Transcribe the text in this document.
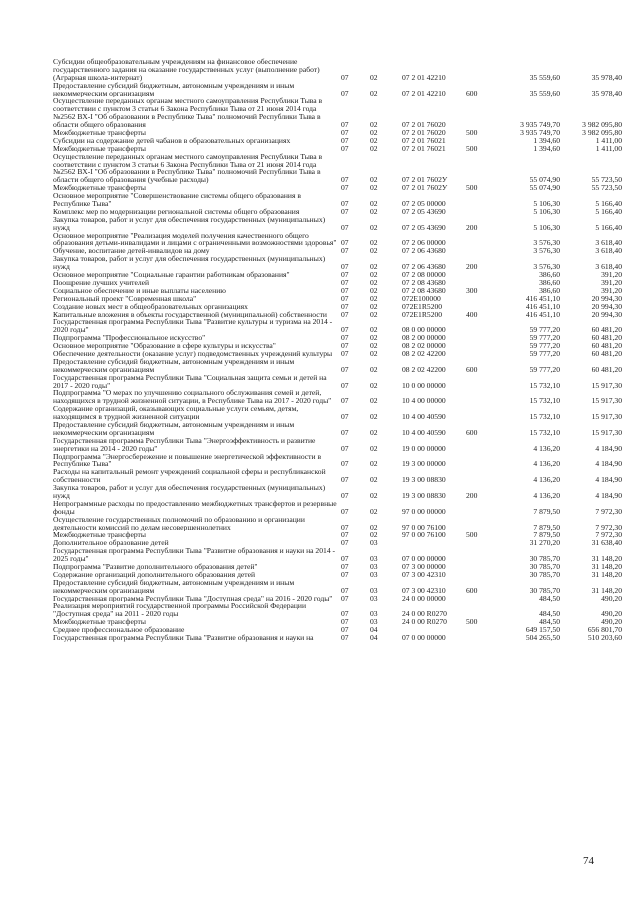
Субсидии общеобразовательным учреждениям на финансовое обеспечение государственного задания на оказание государственных услуг (выполнение работ) (Аграрная школа-интернат)	07	02	07 2 01 42210		35 559,60	35 978,40
Предоставление субсидий бюджетным, автономным учреждениям и иным некоммерческим организациям	07	02	07 2 01 42210	600	35 559,60	35 978,40
Осуществление переданных органам местного самоуправления Республики Тыва в соответствии с пунктом 3 статьи 6 Закона Республики Тыва от 21 июня 2014 года №2562 ВХ-I "Об образовании в Республике Тыва" полномочий Республики Тыва в области общего образования	07	02	07 2 01 76020		3 935 749,70	3 982 095,80
Межбюджетные трансферты	07	02	07 2 01 76020	500	3 935 749,70	3 982 095,80
Субсидии на содержание детей чабанов в образовательных организациях	07	02	07 2 01 76021		1 394,60	1 411,00
Межбюджетные трансферты	07	02	07 2 01 76021	500	1 394,60	1 411,00
Осуществление переданных органам местного самоуправления Республики Тыва в соответствии с пунктом 3 статьи 6 Закона Республики Тыва от 21 июня 2014 года №2562 ВХ-I "Об образовании в Республике Тыва" полномочий Республики Тыва в области общего образования (учебные расходы)	07	02	07 2 01 7602У		55 074,90	55 723,50
Межбюджетные трансферты	07	02	07 2 01 7602У	500	55 074,90	55 723,50
Основное мероприятие "Совершенствование системы общего образования в Республике Тыва"	07	02	07 2 05 00000		5 106,30	5 166,40
Комплекс мер по модернизации региональной системы общего образования	07	02	07 2 05 43690		5 106,30	5 166,40
Закупка товаров, работ и услуг для обеспечения государственных (муниципальных) нужд	07	02	07 2 05 43690	200	5 106,30	5 166,40
Основное мероприятие "Реализация моделей получения качественного общего образования детьми-инвалидами и лицами с ограниченными возможностями здоровья"	07	02	07 2 06 00000		3 576,30	3 618,40
Обучение, воспитание детей-инвалидов на дому	07	02	07 2 06 43680		3 576,30	3 618,40
Закупка товаров, работ и услуг для обеспечения государственных (муниципальных) нужд	07	02	07 2 06 43680	200	3 576,30	3 618,40
Основное мероприятие "Социальные гарантии работникам образования"	07	02	07 2 08 00000		386,60	391,20
Поощрение лучших учителей	07	02	07 2 08 43680		386,60	391,20
Социальное обеспечение и иные выплаты населению	07	02	07 2 08 43680	300	386,60	391,20
Региональный проект "Современная школа"	07	02	072E100000		416 451,10	20 994,30
Создание новых мест в общеобразовательных организациях	07	02	072E1R5200		416 451,10	20 994,30
Капитальные вложения в объекты государственной (муниципальной) собственности	07	02	072E1R5200	400	416 451,10	20 994,30
Государственная программа Республики Тыва "Развитие культуры и туризма на 2014 - 2020 годы"	07	02	08 0 00 00000		59 777,20	60 481,20
Подпрограмма "Профессиональное искусство"	07	02	08 2 00 00000		59 777,20	60 481,20
Основное мероприятие "Образование в сфере культуры и искусства"	07	02	08 2 02 00000		59 777,20	60 481,20
Обеспечение деятельности (оказание услуг) подведомственных учреждений культуры	07	02	08 2 02 42200		59 777,20	60 481,20
Предоставление субсидий бюджетным, автономным учреждениям и иным некоммерческим организациям	07	02	08 2 02 42200	600	59 777,20	60 481,20
Государственная программа Республики Тыва "Социальная защита семьи и детей на 2017 - 2020 годы"	07	02	10 0 00 00000		15 732,10	15 917,30
Подпрограмма "О мерах по улучшению социального обслуживания семей и детей, находящихся в трудной жизненной ситуации, в Республике Тыва на 2017 - 2020 годы"	07	02	10 4 00 00000		15 732,10	15 917,30
Содержание организаций, оказывающих социальные услуги семьям, детям, находящимся в трудной жизненной ситуации	07	02	10 4 00 40590		15 732,10	15 917,30
Предоставление субсидий бюджетным, автономным учреждениям и иным некоммерческим организациям	07	02	10 4 00 40590	600	15 732,10	15 917,30
Государственная программа Республики Тыва "Энергоэффективность и развитие энергетики на 2014 - 2020 годы"	07	02	19 0 00 00000		4 136,20	4 184,90
Подпрограмма "Энергосбережение и повышение энергетической эффективности в Республике Тыва"	07	02	19 3 00 00000		4 136,20	4 184,90
Расходы на капитальный ремонт учреждений социальной сферы и республиканской собственности	07	02	19 3 00 08830		4 136,20	4 184,90
Закупка товаров, работ и услуг для обеспечения государственных (муниципальных) нужд	07	02	19 3 00 08830	200	4 136,20	4 184,90
Непрограммные расходы по предоставлению межбюджетных трансфертов и резервные фонды	07	02	97 0 00 00000		7 879,50	7 972,30
Осуществление государственных полномочий по образованию и организации деятельности комиссий по делам несовершеннолетних	07	02	97 0 00 76100		7 879,50	7 972,30
Межбюджетные трансферты	07	02	97 0 00 76100	500	7 879,50	7 972,30
Дополнительное образование детей	07	03			31 270,20	31 638,40
Государственная программа Республики Тыва "Развитие образования и науки на 2014 - 2025 годы"	07	03	07 0 00 00000		30 785,70	31 148,20
Подпрограмма "Развитие дополнительного образования детей"	07	03	07 3 00 00000		30 785,70	31 148,20
Содержание организаций дополнительного образования детей	07	03	07 3 00 42310		30 785,70	31 148,20
Предоставление субсидий бюджетным, автономным учреждениям и иным некоммерческим организациям	07	03	07 3 00 42310	600	30 785,70	31 148,20
Государственная программа Республики Тыва "Доступная среда" на 2016 - 2020 годы"	07	03	24 0 00 00000		484,50	490,20
Реализация мероприятий государственной программы Российской Федерации "Доступная среда" на 2011 - 2020 годы	07	03	24 0 00 R0270		484,50	490,20
Межбюджетные трансферты	07	03	24 0 00 R0270	500	484,50	490,20
Среднее профессиональное образование	07	04			649 157,50	656 801,70
Государственная программа Республики Тыва "Развитие образования и науки на	07	04	07 0 00 00000		504 265,50	510 203,60
74
